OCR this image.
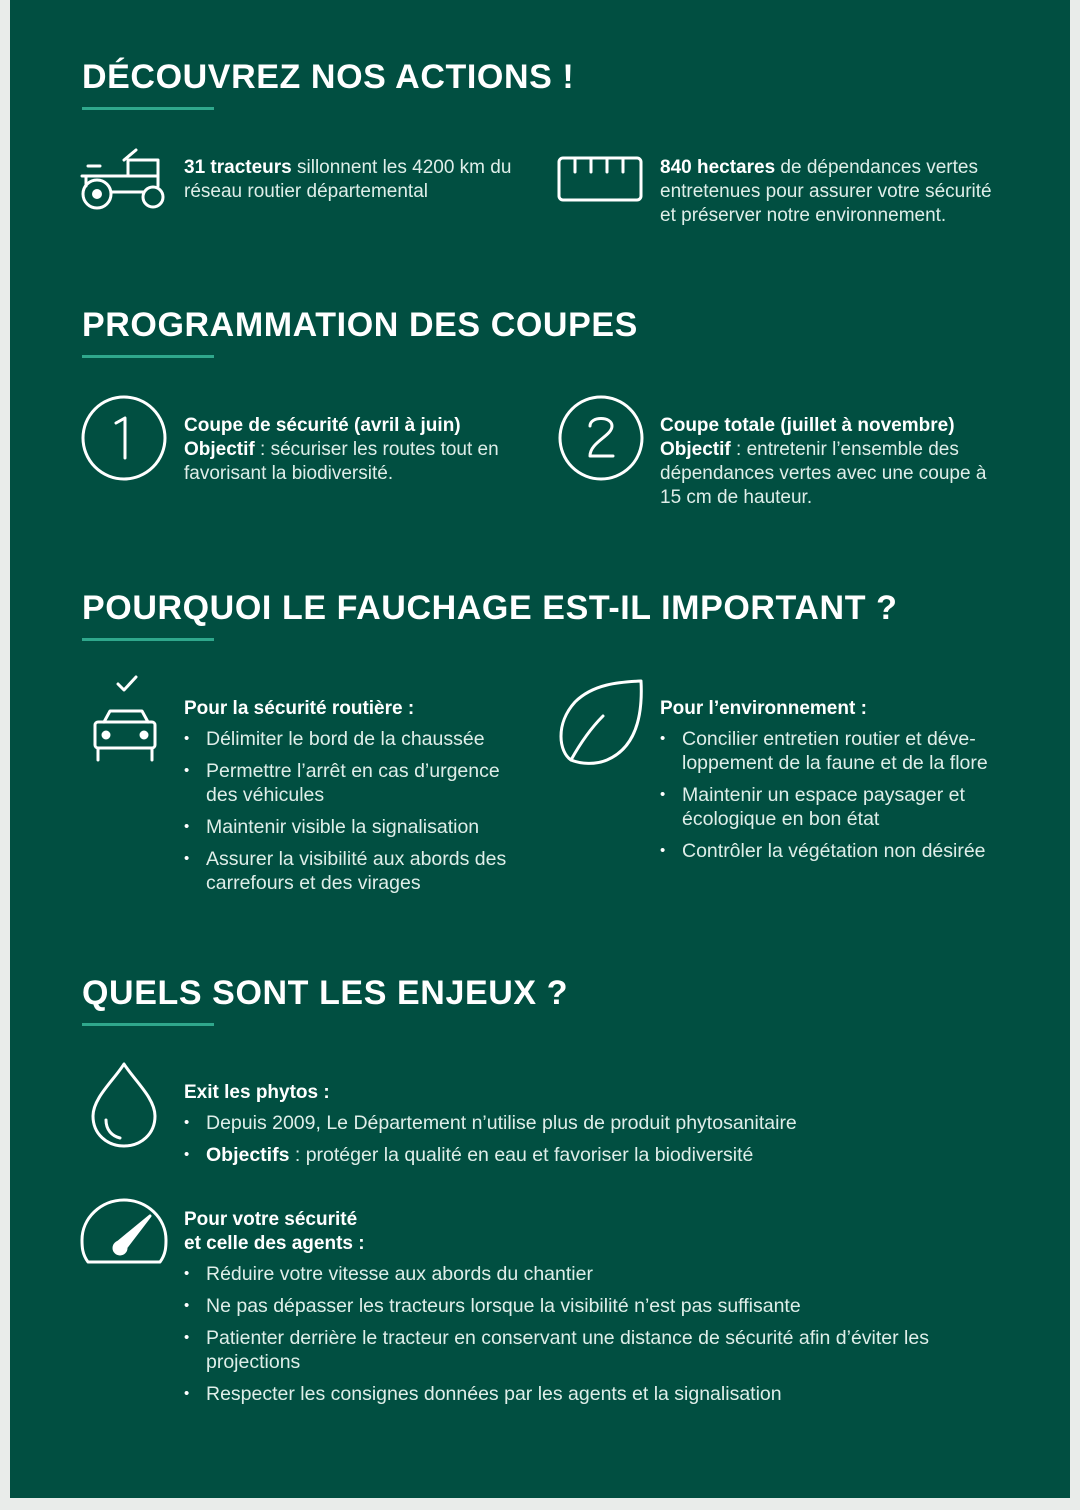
DÉCOUVREZ NOS ACTIONS !
31 tracteurs sillonnent les 4200 km du réseau routier départemental
840 hectares de dépendances vertes entretenues pour assurer votre sécurité et préserver notre environnement.
PROGRAMMATION DES COUPES
Coupe de sécurité (avril à juin)
Objectif : sécuriser les routes tout en favorisant la biodiversité.
Coupe totale (juillet à novembre)
Objectif : entretenir l’ensemble des dépendances vertes avec une coupe à 15 cm de hauteur.
POURQUOI LE FAUCHAGE EST-IL IMPORTANT ?
Pour la sécurité routière :
• Délimiter le bord de la chaussée
• Permettre l’arrêt en cas d’urgence des véhicules
• Maintenir visible la signalisation
• Assurer la visibilité aux abords des carrefours et des virages
Pour l’environnement :
• Concilier entretien routier et déve-loppement de la faune et de la flore
• Maintenir un espace paysager et écologique en bon état
• Contrôler la végétation non désirée
QUELS SONT LES ENJEUX ?
Exit les phytos :
• Depuis 2009, Le Département n’utilise plus de produit phytosanitaire
• Objectifs : protéger la qualité en eau et favoriser la biodiversité
Pour votre sécurité
et celle des agents :
• Réduire votre vitesse aux abords du chantier
• Ne pas dépasser les tracteurs lorsque la visibilité n’est pas suffisante
• Patienter derrière le tracteur en conservant une distance de sécurité afin d’éviter les projections
• Respecter les consignes données par les agents et la signalisation
